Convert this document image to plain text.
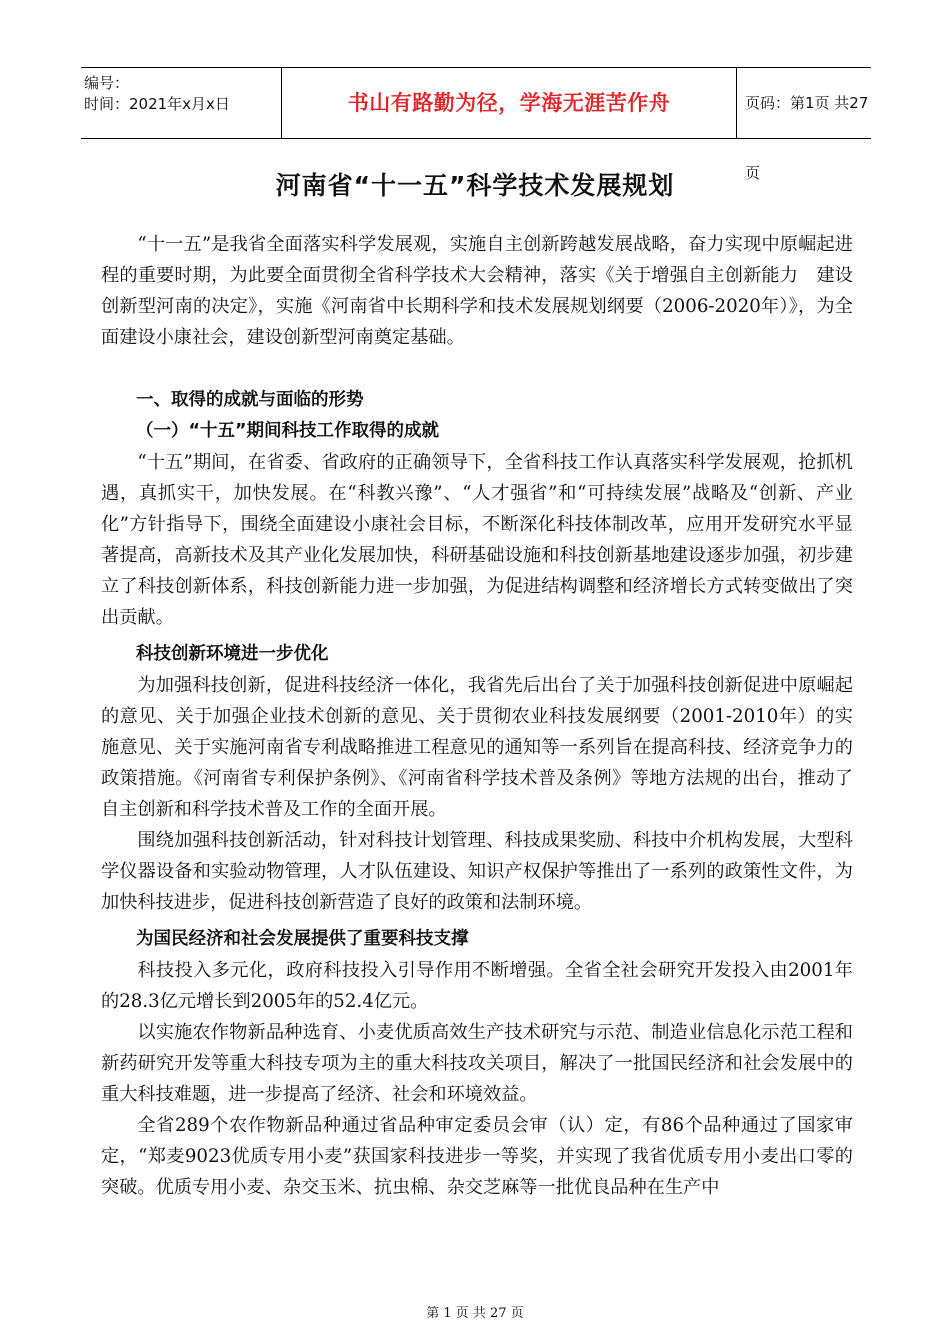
编号：
时间：2021年x月x日	书山有路勤为径，学海无涯苦作舟	页码：第1页 共27页
河南省“十一五”科学技术发展规划

“十一五”是我省全面落实科学发展观，实施自主创新跨越发展战略，奋力实现中原崛起进程的重要时期，为此要全面贯彻全省科学技术大会精神，落实《关于增强自主创新能力　建设创新型河南的决定》，实施《河南省中长期科学和技术发展规划纲要（2006-2020年）》，为全面建设小康社会，建设创新型河南奠定基础。

一、取得的成就与面临的形势

（一）“十五”期间科技工作取得的成就

“十五”期间，在省委、省政府的正确领导下，全省科技工作认真落实科学发展观，抢抓机遇，真抓实干，加快发展。在“科教兴豫”、“人才强省”和“可持续发展”战略及“创新、产业化”方针指导下，围绕全面建设小康社会目标，不断深化科技体制改革，应用开发研究水平显著提高，高新技术及其产业化发展加快，科研基础设施和科技创新基地建设逐步加强，初步建立了科技创新体系，科技创新能力进一步加强，为促进结构调整和经济增长方式转变做出了突出贡献。

科技创新环境进一步优化

为加强科技创新，促进科技经济一体化，我省先后出台了关于加强科技创新促进中原崛起的意见、关于加强企业技术创新的意见、关于贯彻农业科技发展纲要（2001-2010年）的实施意见、关于实施河南省专利战略推进工程意见的通知等一系列旨在提高科技、经济竞争力的政策措施。《河南省专利保护条例》、《河南省科学技术普及条例》等地方法规的出台，推动了自主创新和科学技术普及工作的全面开展。

围绕加强科技创新活动，针对科技计划管理、科技成果奖励、科技中介机构发展，大型科学仪器设备和实验动物管理，人才队伍建设、知识产权保护等推出了一系列的政策性文件，为加快科技进步，促进科技创新营造了良好的政策和法制环境。

为国民经济和社会发展提供了重要科技支撑

科技投入多元化，政府科技投入引导作用不断增强。全省全社会研究开发投入由2001年的28.3亿元增长到2005年的52.4亿元。

以实施农作物新品种选育、小麦优质高效生产技术研究与示范、制造业信息化示范工程和新药研究开发等重大科技专项为主的重大科技攻关项目，解决了一批国民经济和社会发展中的重大科技难题，进一步提高了经济、社会和环境效益。

全省289个农作物新品种通过省品种审定委员会审（认）定，有86个品种通过了国家审定，“郑麦9023优质专用小麦”获国家科技进步一等奖，并实现了我省优质专用小麦出口零的突破。优质专用小麦、杂交玉米、抗虫棉、杂交芝麻等一批优良品种在生产中

第 1 页 共 27 页
